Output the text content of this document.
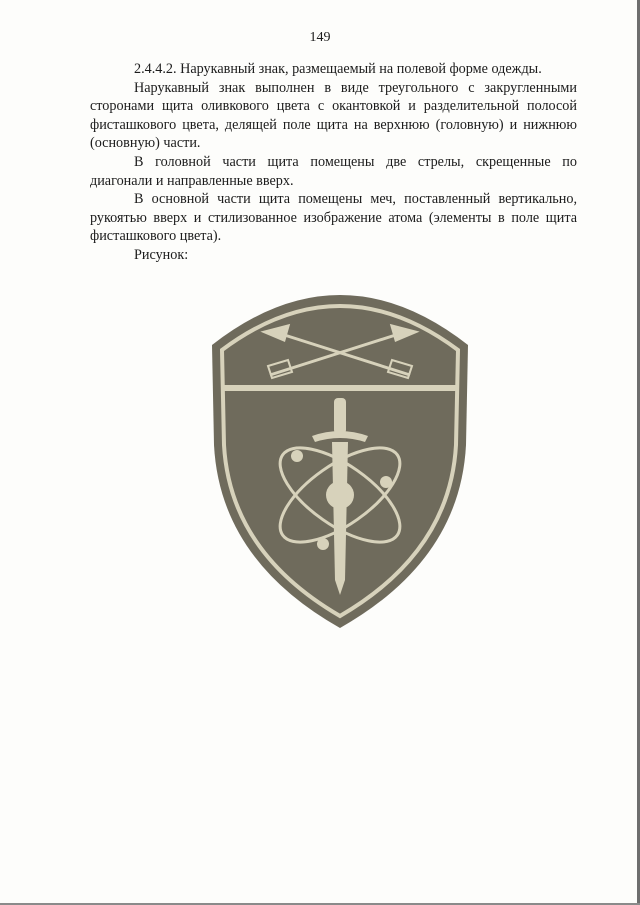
149

2.4.4.2. Нарукавный знак, размещаемый на полевой форме одежды.

Нарукавный знак выполнен в виде треугольного с закругленными сторонами щита оливкового цвета с окантовкой и разделительной полосой фисташкового цвета, делящей поле щита на верхнюю (головную) и нижнюю (основную) части.

В головной части щита помещены две стрелы, скрещенные по диагонали и направленные вверх.

В основной части щита помещены меч, поставленный вертикально, рукоятью вверх и стилизованное изображение атома (элементы в поле щита фисташкового цвета).

Рисунок:
